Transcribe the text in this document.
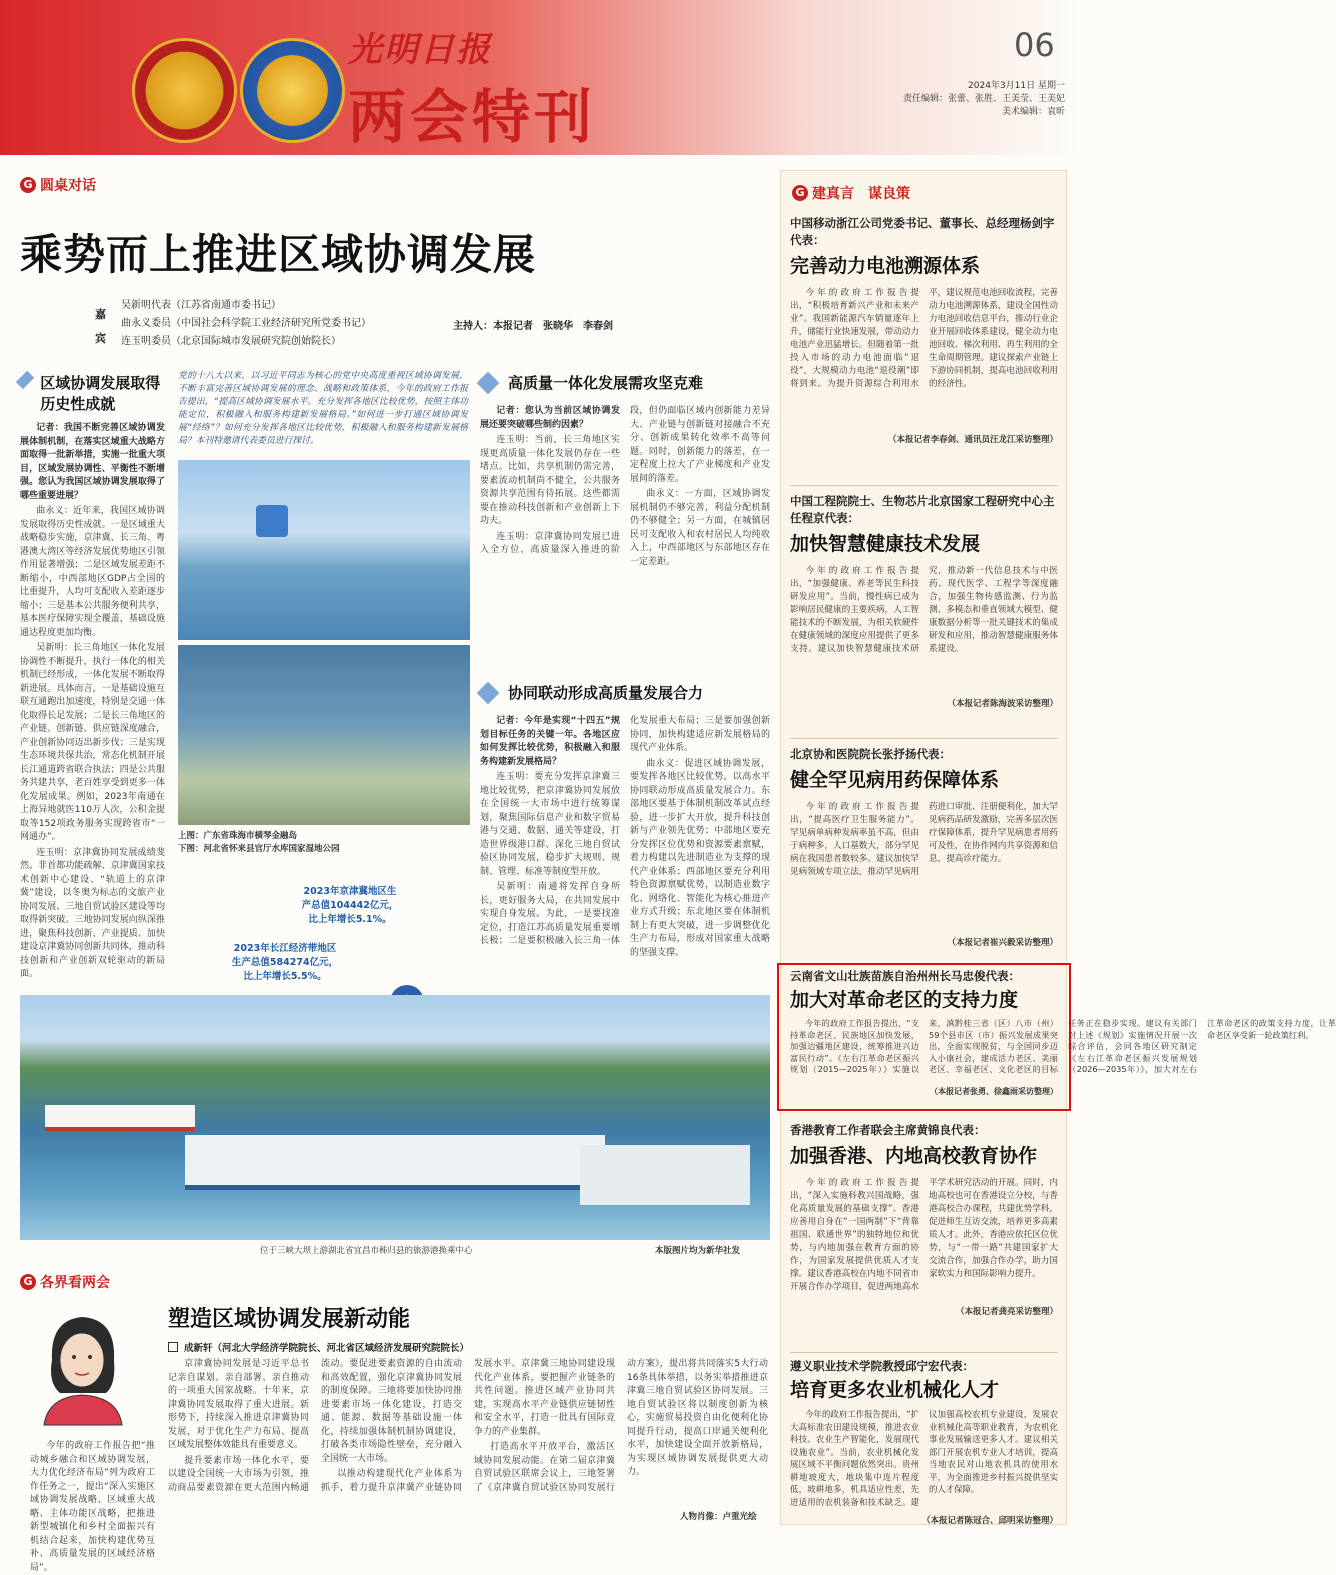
光明日报
两会特刊
06
2024年3月11日 星期一
责任编辑：张蕾、张胜、王美莹、王美妃
美术编辑：袁昕
G 圆桌对话
乘势而上推进区域协调发展
嘉宾
吴新明代表（江苏省南通市委书记）
曲永义委员（中国社会科学院工业经济研究所党委书记）
连玉明委员（北京国际城市发展研究院创始院长）
主持人：本报记者　张晓华　李春剑
区域协调发展取得历史性成就

记者：我国不断完善区域协调发展体制机制，在落实区域重大战略方面取得一批新举措，实施一批重大项目，区域发展协调性、平衡性不断增强。您认为我国区域协调发展取得了哪些重要进展？

曲永义：近年来，我国区域协调发展取得历史性成就。一是区域重大战略稳步实施，京津冀、长三角、粤港澳大湾区等经济发展优势地区引领作用显著增强；二是区域发展差距不断缩小，中西部地区GDP占全国的比重提升，人均可支配收入差距逐步缩小；三是基本公共服务便利共享，基本医疗保障实现全覆盖，基础设施通达程度更加均衡。

吴新明：长三角地区一体化发展协调性不断提升，执行一体化的相关机制已经形成，一体化发展不断取得新进展。具体而言，一是基础设施互联互通跑出加速度，特别是交通一体化取得长足发展；二是长三角地区的产业链、创新链、供应链深度融合，产业创新协同迈出新步伐；三是实现生态环境共保共治，常态化机制开展长江通道跨省联合执法；四是公共服务共建共享，老百姓享受到更多一体化发展成果。例如，2023年南通在上海异地就医110万人次，公积金提取等152项政务服务实现跨省市“一网通办”。

连玉明：京津冀协同发展成绩斐然。非首都功能疏解、京津冀国家技术创新中心建设、“轨道上的京津冀”建设，以冬奥为标志的文旅产业协同发展、三地自贸试验区建设等均取得新突破。三地协同发展向纵深推进，聚焦科技创新、产业提质、加快建设京津冀协同创新共同体，推动科技创新和产业创新双轮驱动的新局面。

党的十八大以来，以习近平同志为核心的党中央高度重视区域协调发展，不断丰富完善区域协调发展的理念、战略和政策体系，今年的政府工作报告提出，“提高区域协调发展水平。充分发挥各地区比较优势，按照主体功能定位，积极融入和服务构建新发展格局。”如何进一步打通区域协调发展“经络”？如何充分发挥各地区比较优势，积极融入和服务构建新发展格局？本刊特邀请代表委员进行探讨。
上图：广东省珠海市横琴金融岛
下图：河北省怀来县官厅水库国家湿地公园
2023年京津冀地区生产总值104442亿元，比上年增长5.1%。
2023年长江经济带地区生产总值584274亿元，比上年增长5.5%。
高质量一体化发展需攻坚克难

记者：您认为当前区域协调发展还要突破哪些制约因素？

连玉明：当前，长三角地区实现更高质量一体化发展仍存在一些堵点。比如，共享机制仍需完善，要素流动机制尚不健全，公共服务资源共享范围有待拓展。这些都需要在推动科技创新和产业创新上下功夫。

连玉明：京津冀协同发展已进入全方位、高质量深入推进的阶段，但仍面临区域内创新能力差异大、产业链与创新链对接融合不充分、创新成果转化效率不高等问题。同时，创新能力的落差，在一定程度上拉大了产业梯度和产业发展间的落差。

曲永义：一方面，区域协调发展机制仍不够完善，利益分配机制仍不够健全；另一方面，在城镇居民可支配收入和农村居民人均纯收入上，中西部地区与东部地区存在一定差距。

协同联动形成高质量发展合力

记者：今年是实现“十四五”规划目标任务的关键一年。各地区应如何发挥比较优势，积极融入和服务构建新发展格局？

连玉明：要充分发挥京津冀三地比较优势，把京津冀协同发展放在全国统一大市场中进行统筹谋划，聚焦国际信息产业和数字贸易港与交通、数据、通关等建设，打造世界级港口群、深化三地自贸试验区协同发展，稳步扩大规则、规制、管理、标准等制度型开放。

吴新明：南通将发挥自身所长，更好服务大局，在共同发展中实现自身发展。为此，一是要找准定位，打造江苏高质量发展重要增长极；二是要积极融入长三角一体化发展重大布局；三是要加强创新协同，加快构建适应新发展格局的现代产业体系。

曲永义：促进区域协调发展，要发挥各地区比较优势，以高水平协同联动形成高质量发展合力。东部地区要基于体制机制改革试点经验，进一步扩大开放，提升科技创新与产业领先优势；中部地区要充分发挥区位优势和资源要素禀赋，着力构建以先进制造业为支撑的现代产业体系；西部地区要充分利用特色资源禀赋优势，以制造业数字化、网络化、智能化为核心推进产业方式升级；东北地区要在体制机制上有更大突破，进一步调整优化生产力布局，形成对国家重大战略的坚强支撑。

位于三峡大坝上游湖北省宜昌市秭归县的旅游港换乘中心	本版图片均为新华社发
G 各界看两会
塑造区域协调发展新动能
成新轩（河北大学经济学院院长、河北省区域经济发展研究院院长）

今年的政府工作报告把“推动城乡融合和区域协调发展，大力优化经济布局”列为政府工作任务之一，提出“深入实施区域协调发展战略、区域重大战略、主体功能区战略，把推进新型城镇化和乡村全面振兴有机结合起来，加快构建优势互补、高质量发展的区域经济格局”。

京津冀协同发展是习近平总书记亲自谋划、亲自部署、亲自推动的一项重大国家战略。十年来，京津冀协同发展取得了重大进展。新形势下，持续深入推进京津冀协同发展，对于优化生产力布局、提高区域发展整体效能具有重要意义。

提升要素市场一体化水平，要以建设全国统一大市场为引领，推动商品要素资源在更大范围内畅通流动。要促进要素资源的自由流动和高效配置，强化京津冀协同发展的制度保障。三地将要加快协同推进要素市场一体化建设，打造交通、能源、数据等基础设施一体化，持续加强体制机制协调建设，打破各类市场隐性壁垒，充分融入全国统一大市场。

以推动构建现代化产业体系为抓手，着力提升京津冀产业链协同发展水平。京津冀三地协同建设现代化产业体系，要把握产业链条的共性问题。推进区域产业协同共建，实现高水平产业链供应链韧性和安全水平，打造一批具有国际竞争力的产业集群。

打造高水平开放平台，激活区域协同发展动能。在第二届京津冀自贸试验区联席会议上，三地签署了《京津冀自贸试验区协同发展行动方案》，提出将共同落实5大行动16条具体举措，以务实举措推进京津冀三地自贸试验区协同发展。三地自贸试验区将以制度创新为核心，实施贸易投资自由化便利化协同提升行动，提高口岸通关便利化水平，加快建设全面开放新格局，为实现区域协调发展提供更大动力。

人物肖像：卢重光绘
G 建真言　谋良策
中国移动浙江公司党委书记、董事长、总经理杨剑宇代表：
完善动力电池溯源体系

今年的政府工作报告提出，“积极培育新兴产业和未来产业”。我国新能源汽车销量逐年上升，储能行业快速发展，带动动力电池产业迅猛增长。但随着第一批投入市场的动力电池面临“退役”，大规模动力电池“退役潮”即将到来。为提升资源综合利用水平，建议规范电池回收流程，完善动力电池溯源体系，建设全国性动力电池回收信息平台，推动行业企业开展回收体系建设，健全动力电池回收、梯次利用、再生利用的全生命周期管理。建议探索产业链上下游协同机制，提高电池回收利用的经济性。

（本报记者李春剑、通讯员汪龙江采访整理）
中国工程院院士、生物芯片北京国家工程研究中心主任程京代表：
加快智慧健康技术发展

今年的政府工作报告提出，“加强健康、养老等民生科技研发应用”。当前，慢性病已成为影响居民健康的主要疾病，人工智能技术的不断发展，为相关软硬件在健康领域的深度应用提供了更多支持。建议加快智慧健康技术研究，推动新一代信息技术与中医药、现代医学、工程学等深度融合，加强生物传感监测、行为监测、多模态和垂直领域大模型、健康数据分析等一批关键技术的集成研发和应用，推动智慧健康服务体系建设。

（本报记者陈海波采访整理）
北京协和医院院长张抒扬代表：
健全罕见病用药保障体系

今年的政府工作报告提出，“提高医疗卫生服务能力”。罕见病单病种发病率虽不高，但由于病种多，人口基数大，部分罕见病在我国患者数较多。建议加快罕见病领域专项立法，推动罕见病用药进口审批、注册便利化，加大罕见病药品研发激励，完善多层次医疗保障体系，提升罕见病患者用药可及性，在协作网内共享资源和信息，提高诊疗能力。

（本报记者崔兴毅采访整理）
云南省文山壮族苗族自治州州长马忠俊代表：
加大对革命老区的支持力度

今年的政府工作报告提出，“支持革命老区、民族地区加快发展，加强边疆地区建设，统筹推进兴边富民行动”。《左右江革命老区振兴规划（2015—2025年）》实施以来，滇黔桂三省（区）八市（州）59个县市区（市）振兴发展成果突出，全面实现脱贫，与全国同步迈入小康社会，建成活力老区、美丽老区、幸福老区、文化老区的目标任务正在稳步实现。建议有关部门对上述《规划》实施情况开展一次综合评估，会同各地区研究制定《左右江革命老区振兴发展规划（2026—2035年）》，加大对左右江革命老区的政策支持力度，让革命老区享受新一轮政策红利。

（本报记者张勇、徐鑫雨采访整理）
香港教育工作者联会主席黄锦良代表：
加强香港、内地高校教育协作

今年的政府工作报告提出，“深入实施科教兴国战略，强化高质量发展的基础支撑”。香港应善用自身在“一国两制”下“背靠祖国、联通世界”的独特地位和优势，与内地加强在教育方面的协作，为国家发展提供优质人才支撑。建议香港高校在内地不同省市开展合作办学项目，促进两地高水平学术研究活动的开展。同时，内地高校也可在香港设立分校，与香港高校合办课程，共建优势学科，促进师生互访交流，培养更多高素质人才。此外，香港应依托区位优势，与“一带一路”共建国家扩大交流合作，加强合作办学，助力国家软实力和国际影响力提升。

（本报记者龚亮采访整理）
遵义职业技术学院教授邱宁宏代表：
培育更多农业机械化人才

今年的政府工作报告提出，“扩大高标准农田建设规模，推进农业科技、农业生产智能化，发展现代设施农业”。当前，农业机械化发展区域不平衡问题依然突出。贵州耕地坡度大，地块集中连片程度低，坡耕地多，机具适应性差，先进适用的农机装备和技术缺乏。建议加强高校农机专业建设，发展农业机械化高等职业教育，为农机化事业发展输送更多人才。建议相关部门开展农机专业人才培训，提高当地农民对山地农机具的使用水平，为全面推进乡村振兴提供坚实的人才保障。

（本报记者陈冠合、邱明采访整理）
